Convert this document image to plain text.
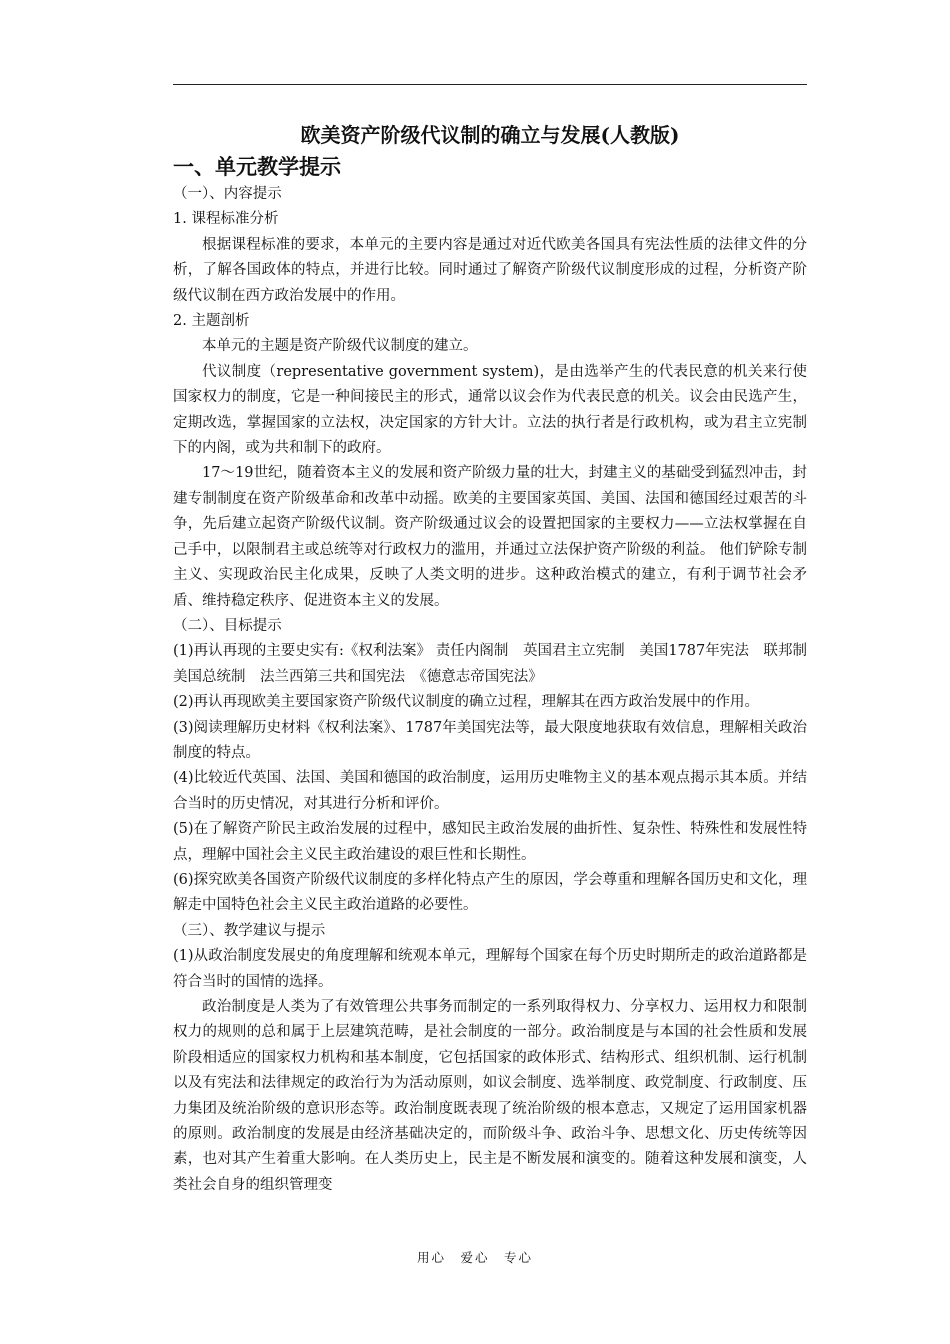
欧美资产阶级代议制的确立与发展(人教版)

一、单元教学提示

（一）、内容提示

1. 课程标准分析

根据课程标准的要求，本单元的主要内容是通过对近代欧美各国具有宪法性质的法律文件的分析，了解各国政体的特点，并进行比较。同时通过了解资产阶级代议制度形成的过程，分析资产阶级代议制在西方政治发展中的作用。

2. 主题剖析

本单元的主题是资产阶级代议制度的建立。

代议制度（representative government system)，是由选举产生的代表民意的机关来行使国家权力的制度，它是一种间接民主的形式，通常以议会作为代表民意的机关。议会由民选产生，定期改选，掌握国家的立法权，决定国家的方针大计。立法的执行者是行政机构，或为君主立宪制下的内阁，或为共和制下的政府。

17～19世纪，随着资本主义的发展和资产阶级力量的壮大，封建主义的基础受到猛烈冲击，封建专制制度在资产阶级革命和改革中动摇。欧美的主要国家英国、美国、法国和德国经过艰苦的斗争，先后建立起资产阶级代议制。资产阶级通过议会的设置把国家的主要权力——立法权掌握在自己手中，以限制君主或总统等对行政权力的滥用，并通过立法保护资产阶级的利益。 他们铲除专制主义、实现政治民主化成果，反映了人类文明的进步。这种政治模式的建立，有利于调节社会矛盾、维持稳定秩序、促进资本主义的发展。

（二）、目标提示

(1)再认再现的主要史实有:《权利法案》 责任内阁制　英国君主立宪制　美国1787年宪法　联邦制　美国总统制　法兰西第三共和国宪法　《德意志帝国宪法》

(2)再认再现欧美主要国家资产阶级代议制度的确立过程，理解其在西方政治发展中的作用。

(3)阅读理解历史材料《权利法案》、1787年美国宪法等，最大限度地获取有效信息，理解相关政治制度的特点。

(4)比较近代英国、法国、美国和德国的政治制度，运用历史唯物主义的基本观点揭示其本质。并结合当时的历史情况，对其进行分析和评价。

(5)在了解资产阶民主政治发展的过程中，感知民主政治发展的曲折性、复杂性、特殊性和发展性特点，理解中国社会主义民主政治建设的艰巨性和长期性。

(6)探究欧美各国资产阶级代议制度的多样化特点产生的原因，学会尊重和理解各国历史和文化，理解走中国特色社会主义民主政治道路的必要性。

（三）、教学建议与提示

(1)从政治制度发展史的角度理解和统观本单元，理解每个国家在每个历史时期所走的政治道路都是符合当时的国情的选择。

政治制度是人类为了有效管理公共事务而制定的一系列取得权力、分享权力、运用权力和限制权力的规则的总和属于上层建筑范畴，是社会制度的一部分。政治制度是与本国的社会性质和发展阶段相适应的国家权力机构和基本制度，它包括国家的政体形式、结构形式、组织机制、运行机制以及有宪法和法律规定的政治行为为活动原则，如议会制度、选举制度、政党制度、行政制度、压力集团及统治阶级的意识形态等。政治制度既表现了统治阶级的根本意志，又规定了运用国家机器的原则。政治制度的发展是由经济基础决定的，而阶级斗争、政治斗争、思想文化、历史传统等因素，也对其产生着重大影响。在人类历史上，民主是不断发展和演变的。随着这种发展和演变，人类社会自身的组织管理变

用心　爱心　专心
